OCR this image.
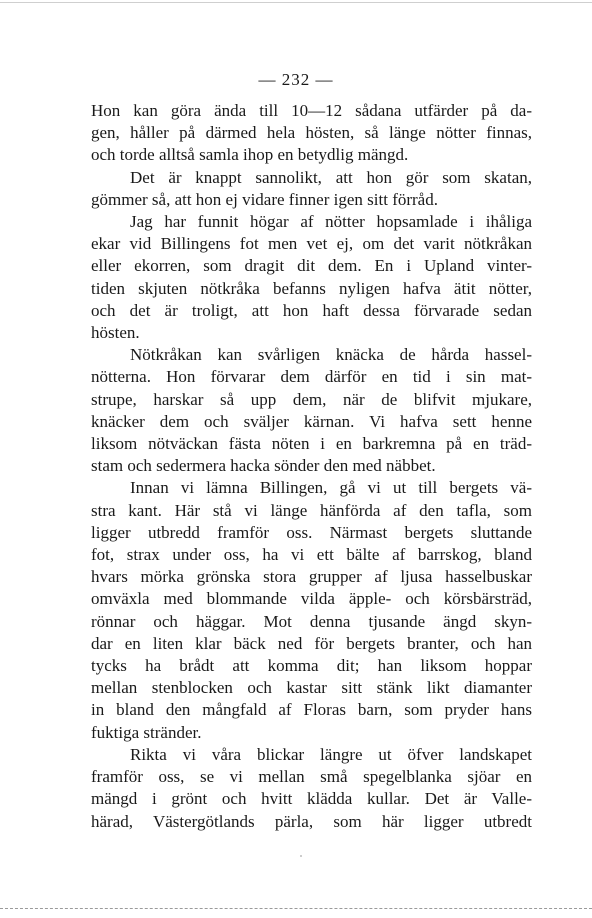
— 232 —
Hon kan göra ända till 10—12 sådana utfärder på da-
gen, håller på därmed hela hösten, så länge nötter finnas,
och torde alltså samla ihop en betydlig mängd.
Det är knappt sannolikt, att hon gör som skatan,
gömmer så, att hon ej vidare finner igen sitt förråd.
Jag har funnit högar af nötter hopsamlade i ihåliga
ekar vid Billingens fot men vet ej, om det varit nötkråkan
eller ekorren, som dragit dit dem. En i Upland vinter-
tiden skjuten nötkråka befanns nyligen hafva ätit nötter,
och det är troligt, att hon haft dessa förvarade sedan
hösten.
Nötkråkan kan svårligen knäcka de hårda hassel-
nötterna. Hon förvarar dem därför en tid i sin mat-
strupe, harskar så upp dem, när de blifvit mjukare,
knäcker dem och sväljer kärnan. Vi hafva sett henne
liksom nötväckan fästa nöten i en barkremna på en träd-
stam och sedermera hacka sönder den med näbbet.
Innan vi lämna Billingen, gå vi ut till bergets vä-
stra kant. Här stå vi länge hänförda af den tafla, som
ligger utbredd framför oss. Närmast bergets sluttande
fot, strax under oss, ha vi ett bälte af barrskog, bland
hvars mörka grönska stora grupper af ljusa hasselbuskar
omväxla med blommande vilda äpple- och körsbärsträd,
rönnar och häggar. Mot denna tjusande ängd skyn-
dar en liten klar bäck ned för bergets branter, och han
tycks ha brådt att komma dit; han liksom hoppar
mellan stenblocken och kastar sitt stänk likt diamanter
in bland den mångfald af Floras barn, som pryder hans
fuktiga stränder.
Rikta vi våra blickar längre ut öfver landskapet
framför oss, se vi mellan små spegelblanka sjöar en
mängd i grönt och hvitt klädda kullar. Det är Valle-
härad, Västergötlands pärla, som här ligger utbredt
